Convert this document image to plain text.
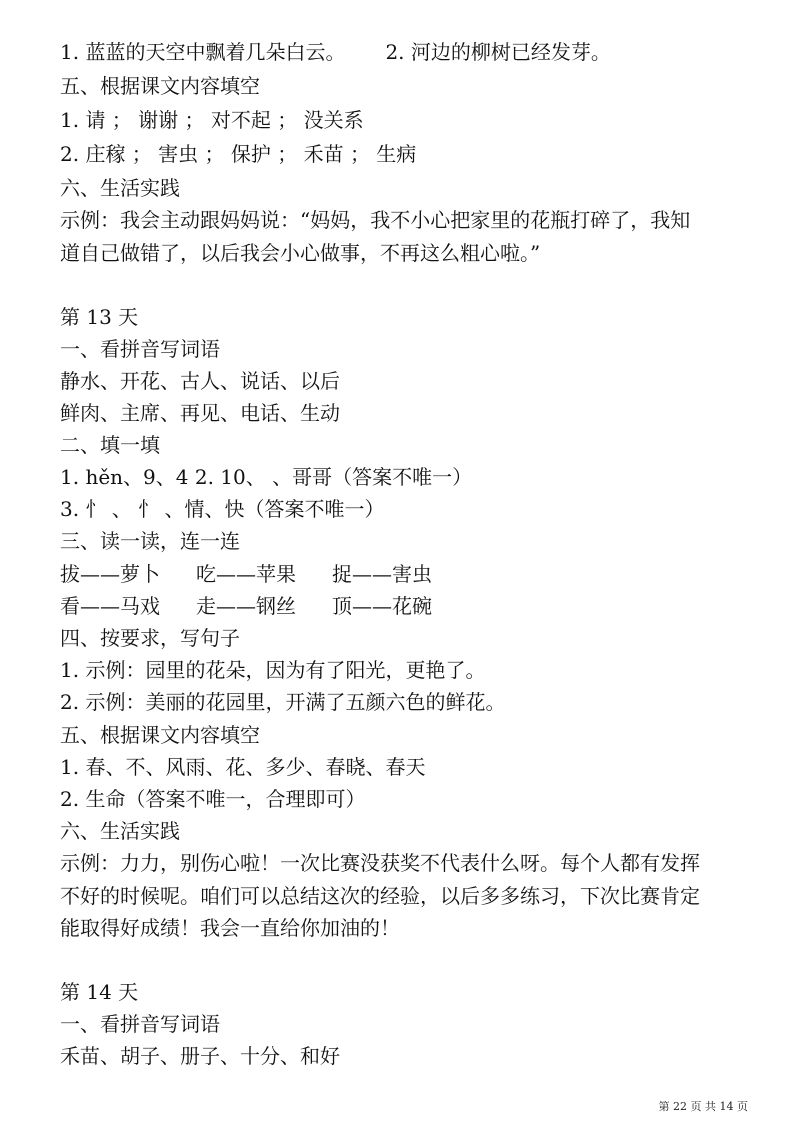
1. 蓝蓝的天空中飘着几朵白云。 2. 河边的柳树已经发芽。
五、根据课文内容填空
1. 请 ； 谢谢 ； 对不起 ； 没关系
2. 庄稼 ； 害虫 ； 保护 ； 禾苗 ； 生病
六、生活实践
示例：我会主动跟妈妈说：“妈妈，我不小心把家里的花瓶打碎了，我知
道自己做错了，以后我会小心做事，不再这么粗心啦。”
第 13 天
一、看拼音写词语
静水、开花、古人、说话、以后
鲜肉、主席、再见、电话、生动
二、填一填
1. hěn、9、4 2. 10、 、哥哥（答案不唯一）
3. 忄 、 忄 、情、快（答案不唯一）
三、读一读，连一连
拔——萝卜 吃——苹果 捉——害虫
看——马戏 走——钢丝 顶——花碗
四、按要求，写句子
1. 示例：园里的花朵，因为有了阳光，更艳了。
2. 示例：美丽的花园里，开满了五颜六色的鲜花。
五、根据课文内容填空
1. 春、不、风雨、花、多少、春晓、春天
2. 生命（答案不唯一，合理即可）
六、生活实践
示例：力力，别伤心啦！一次比赛没获奖不代表什么呀。每个人都有发挥
不好的时候呢。咱们可以总结这次的经验，以后多多练习，下次比赛肯定
能取得好成绩！我会一直给你加油的！
第 14 天
一、看拼音写词语
禾苗、胡子、册子、十分、和好
第 22 页 共 14 页
